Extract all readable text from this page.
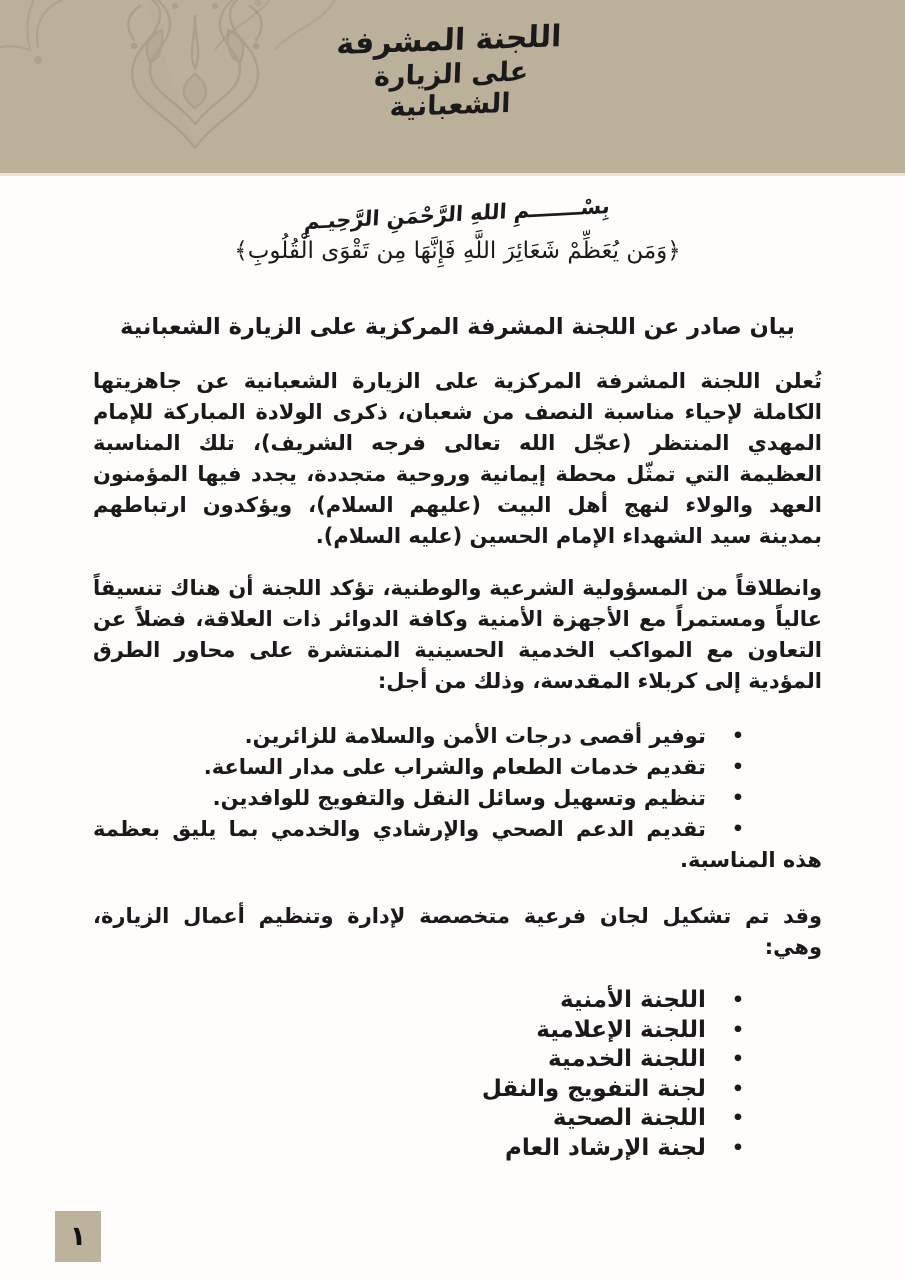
اللجنة المشرفة
على الزيارة الشعبانية
بِسْـــــــمِ اللهِ الرَّحْمَنِ الرَّحِيـمِ
﴿وَمَن يُعَظِّمْ شَعَائِرَ اللَّهِ فَإِنَّهَا مِن تَقْوَى الْقُلُوبِ﴾
بيان صادر عن اللجنة المشرفة المركزية على الزيارة الشعبانية

تُعلن اللجنة المشرفة المركزية على الزيارة الشعبانية عن جاهزيتها الكاملة لإحياء مناسبة النصف من شعبان، ذكرى الولادة المباركة للإمام المهدي المنتظر (عجّل الله تعالى فرجه الشريف)، تلك المناسبة العظيمة التي تمثّل محطة إيمانية وروحية متجددة، يجدد فيها المؤمنون العهد والولاء لنهج أهل البيت (عليهم السلام)، ويؤكدون ارتباطهم بمدينة سيد الشهداء الإمام الحسين (عليه السلام).

وانطلاقاً من المسؤولية الشرعية والوطنية، تؤكد اللجنة أن هناك تنسيقاً عالياً ومستمراً مع الأجهزة الأمنية وكافة الدوائر ذات العلاقة، فضلاً عن التعاون مع المواكب الخدمية الحسينية المنتشرة على محاور الطرق المؤدية إلى كربلاء المقدسة، وذلك من أجل:

•توفير أقصى درجات الأمن والسلامة للزائرين.
•تقديم خدمات الطعام والشراب على مدار الساعة.
•تنظيم وتسهيل وسائل النقل والتفويج للوافدين.
•تقديم الدعم الصحي والإرشادي والخدمي بما يليق بعظمة هذه المناسبة.

وقد تم تشكيل لجان فرعية متخصصة لإدارة وتنظيم أعمال الزيارة، وهي:

•اللجنة الأمنية
•اللجنة الإعلامية
•اللجنة الخدمية
•لجنة التفويج والنقل
•اللجنة الصحية
•لجنة الإرشاد العام
١
